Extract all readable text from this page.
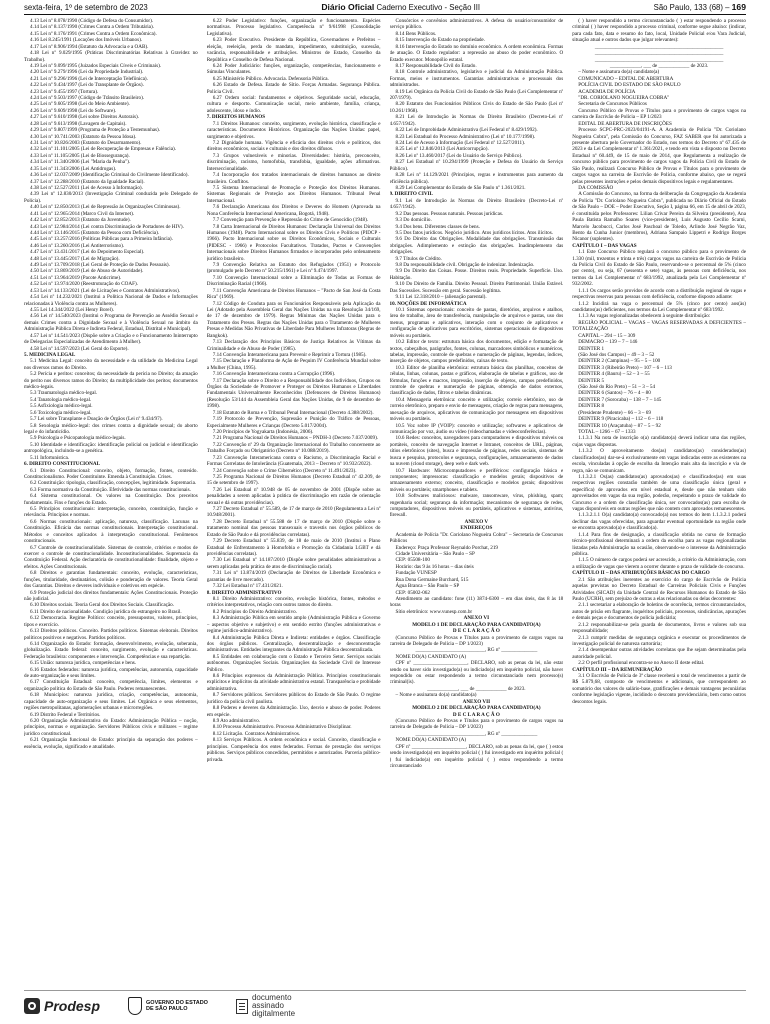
sexta-feira, 1º de setembro de 2023	Diário Oficial Caderno Executivo - Seção III	São Paulo, 133 (68) – 169

4.13 Lei nº 8.078/1990 (Código de Defesa do Consumidor).

4.14 Lei nº 8.137/1990 (Crimes Contra a Ordem Tributária).

4.15 Lei nº 8.176/1991 (Crimes Contra a Ordem Econômica).

4.16 Lei 8.245/1991 (Locações dos Imóveis Urbanos).

4.17 Lei nº 8.906/1994 (Estatuto da Advocacia e a OAB).

4.18 Lei nº 9.029/1995 (Práticas Discriminatórias Relativas à Gravidez no Trabalho).

4.19 Lei nº 9.099/1995 (Juizados Especiais Cíveis e Criminais).

4.20 Lei nº 9.279/1996 (Lei da Propriedade Industrial).

4.21 Lei nº 9.296/1996 (Lei de Interceptação Telefônica).

4.22 Lei nº 9.434/1997 (Lei do Transplante de Órgãos).

4.23 Lei nº 9.455/1997 (Tortura).

4.24 Lei nº 9.503/1997 (Código de Trânsito Brasileiro).

4.25 Lei nº 9.605/1998 (Lei do Meio Ambiente).

4.26 Lei nº 9.609/1998 (Lei do Software).

4.27 Lei nº 9.610/1998 (Lei sobre Direitos Autorais).

4.28 Lei nº 9.613/1998 (Lavagem de Capitais).

4.29 Lei nº 9.807/1999 (Programa de Proteção a Testemunhas).

4.30 Lei nº 10.741/2003 (Estatuto da Pessoa Idosa).

4.31 Lei nº 10.826/2003 (Estatuto do Desarmamento).

4.32 Lei nº 11.101/2005 (Lei de Recuperação de Empresas e Falência).

4.33 Lei nº 11.105/2005 (Lei de Biossegurança).

4.34 Lei nº 11.340/2006 (Lei "Maria da Penha").

4.35 Lei nº 11.343/2006 (Lei Antidrogas).

4.36 Lei nº 12.037/2009 (Identificação Criminal do Civilmente Identificado).

4.37 Lei nº 12.288/2010 (Estatuto da Igualdade Racial).

4.38 Lei nº 12.527/2011 (Lei de Acesso à Informação).

4.39 Lei nº 12.830/2013 (Investigação Criminal conduzida pelo Delegado de Polícia).

4.40 Lei nº 12.850/2013 (Lei de Repressão às Organizações Criminosas).

4.41 Lei nº 12.965/2014 (Marco Civil da Internet).

4.42 Lei nº 12.852/2013 (Estatuto da Juventude).

4.43 Lei nº 12.984/2014 (Lei contra Discriminação de Portadores de HIV).

4.44 Lei nº 13.146/2015 (Estatuto da Pessoa com Deficiência).

4.45 Lei nº 13.257/2016 (Políticas Públicas para a Primeira Infância).

4.46 Lei nº 13.260/2016 (Lei Antiterrorismo).

4.47 Lei nº 13.431/2017 (Lei do Depoimento Especial).

4.48 Lei nº 13.445/2017 (Lei de Migração).

4.49 Lei nº 13.709/2018 (Lei Geral de Proteção de Dados Pessoais).

4.50 Lei nº 13.869/2019 (Lei de Abuso de Autoridade).

4.51 Lei nº 13.964/2019 (Pacote Anticrime).

4.52 Lei nº 13.974/2020 (Reestruturação do COAF).

4.53 Lei nº 14.133/2021 (Lei de Licitações e Contratos Administrativos).

4.54 Lei nº 14.232/2021 (Institui a Política Nacional de Dados e Informações relacionadas à Violência contra as Mulheres).

4.55 Lei 14.344/2022 (Lei Henry Borel).

4.56 Lei nº 14.540/2023 (Institui o Programa de Prevenção ao Assédio Sexual e demais Crimes contra a Dignidade Sexual e à Violência Sexual no âmbito da Administração Pública Direta e Indireta Federal, Estadual, Distrital e Municipal).

4.57 Lei nº 14.541/2023 (Dispõe sobre a Criação e o Funcionamento Ininterrupto de Delegacias Especializadas de Atendimento à Mulher).

4.58 Lei nº 14.597/2023 (Lei Geral do Esporte).

5. MEDICINA LEGAL

5.1 Medicina Legal: conceito da necessidade e da utilidade da Medicina Legal nos diversos ramos do Direito.

5.2 Perícia e peritos: conceitos; da necessidade da perícia no Direito; da atuação do perito nos diversos ramos do Direito; da multiplicidade dos peritos; documentos médico-legais.

5.3 Traumatologia médico-legal.

5.4 Tanatologia médico-legal.

5.5 Asfixiologia médico-legal.

5.6 Toxicologia médico-legal.

5.7 Lei sobre Transplante e Doação de Órgãos (Lei nº 9.434/97).

5.8 Sexologia médico-legal: dos crimes contra a dignidade sexual; do aborto legal e do infanticídio.

5.9 Psicologia e Psicopatologia médico-legais.

5.10 Identidade e identificação: identificação policial ou judicial e identificação antropológica, incluindo-se a genética.

5.11 Infortunística.

6. DIREITO CONSTITUCIONAL

6.1 Direito Constitucional: conceito, objeto, formação, fontes, conteúdo. Constitucionalismo. Poder Constituinte. Emenda à Constituição. Crises.

6.2 Constituição: tipologia, classificação, concepções, legitimidade. Supremacia.

6.3 Forma normativa da Constituição. Efetividade das normas constitucionais.

6.4 Sistema constitucional. Os valores na Constituição. Dos preceitos fundamentais. Fins e funções do Estado.

6.5 Princípios constitucionais: interpretação, conceito, constituição, função e relevância. Princípios e normas.

6.6 Normas constitucionais: aplicação, natureza, classificação. Lacunas na Constituição. Eficácia das normas constitucionais. Interpretação constitucional. Métodos e conceitos aplicados à interpretação constitucional. Fenômenos constitucionais.

6.7 Controle de constitucionalidade. Sistemas de controle, critérios e modos de exercer o controle de constitucionalidade. Inconstitucionalidades. Supremacia da Constituição Federal. Ação declaratória de constitucionalidade: finalidade, objeto e efeitos. Ações Constitucionais.

6.8 Direitos e garantias fundamentais: conceito, evolução, características, funções, titularidade, destinatários, colisão e ponderação de valores. Teoria Geral dos Garantias. Direitos e deveres individuais e coletivos em espécie.

6.9 Proteção judicial dos direitos fundamentais: Ações Constitucionais. Proteção não judicial.

6.10 Direitos sociais. Teoria Geral dos Direitos Sociais. Classificação.

6.11 Direito de nacionalidade. Condição jurídica do estrangeiro no Brasil.

6.12 Democracia. Regime Político: conceito, pressupostos, valores, princípios, tipos e exercício.

6.13 Direitos políticos. Conceito. Partidos políticos. Sistemas eleitorais. Direitos políticos positivos e negativos. Partidos políticos.

6.14 Organização do Estado: formação, desenvolvimento, evolução, soberania, globalização. Estado federal: conceito, surgimento, evolução e características. Federação brasileira: componentes e intervenção. Competências e sua repartição.

6.15 União: natureza jurídica, competências e bens.

6.16 Estados federados: natureza jurídica, competências, autonomia, capacidade de auto-organização e seus limites.

6.17 Constituição Estadual: conceito, competência, limites, elementos e organização política do Estado de São Paulo. Poderes remanescentes.

6.18 Municípios: natureza jurídica, criação, competências, autonomia, capacidade de auto-organização e seus limites. Lei Orgânica e seus elementos, regiões metropolitanas, aglomerações urbanas e microrregiões.

6.19 Distrito Federal e Territórios.

6.20 Organização Administrativa do Estado: Administração Pública – noção, princípios, normas e organização. Servidores Públicos civis e militares – regime jurídico constitucional.

6.21 Organização funcional do Estado: princípio da separação dos poderes – essência, evolução, significado e atualidade.

6.22 Poder Legislativo: funções, organização e funcionamento. Espécies normativas. Processo legislativo. Competência nº 9/61998 (Consolidação Legislativa).

6.23 Poder Executivo. Presidente da República, Governadores e Prefeitos – eleição, reeleição, perda do mandato, impedimento, substituição, sucessão, vacância, responsabilidade e atribuições. Ministros de Estado, Conselho da República e Conselho de Defesa Nacional.

6.24 Poder Judiciário: funções, organização, competências, funcionamento e Súmulas Vinculantes.

6.25 Ministério Público. Advocacia. Defensoria Pública.

6.26 Estado de Defesa. Estado de Sítio. Forças Armadas. Segurança Pública. Polícia Civil.

6.27 Ordem social: fundamentos e objetivos. Seguridade social, educação, cultura e desporto. Comunicação social, meio ambiente, família, criança, adolescente, idoso e índio.

7. DIREITOS HUMANOS

7.1 Direitos Humanos: conceito, surgimento, evolução histórica, classificação e características. Documentos Históricos. Organização das Nações Unidas: papel, surgimento e objetivos.

7.2 Dignidade humana. Vigência e eficácia dos direitos civis e políticos, dos direitos econômicos, sociais e culturais e dos direitos difusos.

7.3 Grupos vulneráveis e minorias. Diversidades: história, preconceito, discriminação, racismo, homofobia, transfobia, igualdade, ações afirmativas. Interseccionalidade.

7.4 Incorporação dos tratados internacionais de direitos humanos ao direito brasileiro. Conflitos.

7.5 Sistema Internacional de Promoção e Proteção dos Direitos Humanos. Sistemas Regionais de Proteção aos Direitos Humanos. Tribunal Penal Internacional.

7.6 Declaração Americana dos Direitos e Deveres do Homem (Aprovada na Nona Conferência Internacional Americana, Bogotá, 1948).

7.7 Convenção para Prevenção e Repressão do Crime de Genocídio (1948).

7.8 Carta Internacional de Direitos Humanos: Declaração Universal dos Direitos Humanos (1948). Pacto Internacional sobre os Direitos Civis e Políticos (PIDCP - 1966). Pacto Internacional sobre os Direitos Econômicos, Sociais e Culturais (PIDESC - 1966) e Protocolos Facultativos. Tratados, Pactos e Convenções Internacionais sobre Direitos Humanos firmados e incorporados pelo ordenamento jurídico brasileiro.

7.9 Convenção Relativa ao Estatuto dos Refugiados (1951) e Protocolo (promulgado pelo Decreto nº 50.215/1961) e Lei nº 9.474/1997.

7.10 Convenção Internacional sobre a Eliminação de Todas as Formas de Discriminação Racial (1966).

7.11 Convenção Americana de Direitos Humanos – "Pacto de San José da Costa Rica" (1969).

7.12 Código de Conduta para os Funcionários Responsáveis pela Aplicação da Lei (Adotado pela Assembleia Geral das Nações Unidas na sua Resolução 34/169, de 17 de dezembro de 1979). Regras Mínimas das Nações Unidas para o Tratamento dos Presos. Regras das Nações Unidas para o Tratamento de Mulheres Presas e Medidas Não Privativas de Liberdade Para Mulheres Infratoras (Regras de Bangkok).

7.13 Declaração dos Princípios Básicos de Justiça Relativos às Vítimas da Criminalidade e de Abuso de Poder (1985).

7.14 Convenção Interamericana para Prevenir e Reprimir a Tortura (1985).

7.15 Declaração e Plataforma de Ação de Pequim IV Conferência Mundial sobre a Mulher (China, 1995).

7.16 Convenção Interamericana contra a Corrupção (1996).

7.17 Declaração sobre o Direito e a Responsabilidade dos Indivíduos, Grupos ou Órgãos da Sociedade de Promover e Proteger os Direitos Humanos e Liberdades Fundamentais Universalmente Reconhecidos (Defensores de Direitos Humanos) (Resolução 53/144 da Assembleia Geral das Nações Unidas, de 9 de dezembro de 1998).

7.18 Estatuto de Roma e o Tribunal Penal Internacional (Decreto 4.388/2002).

7.19 Protocolo de Prevenção, Supressão e Punição do Tráfico de Pessoas, Especialmente Mulheres e Crianças (Decreto 5.017/2004).

7.20 Princípios de Yogyakarta (Indonésia, 2006).

7.21 Programa Nacional de Direitos Humanos – PNDH-3 (Decreto 7.037/2009).

7.22 Convenção nº 29 da Organização Internacional do Trabalho concernente ao Trabalho Forçado ou Obrigatório (Decreto nº 10.088/2019).

7.23 Convenção Interamericana contra o Racismo, a Discriminação Racial e Formas Correlatas de Intolerância (Guatemala, 2013 – Decreto nº 10.932/2022).

7.24 Convenção sobre o Crime Cibernético (Decreto nº 11.491/2023).

7.25 Programa Nacional de Direitos Humanos (Decreto Estadual nº 42.209, de 15 de setembro de 1997).

7.26 Lei Estadual nº 10.948 de 05 de novembro de 2001 (Dispõe sobre as penalidades a serem aplicadas à prática de discriminação em razão de orientação sexual e dá outras providências).

7.27 Decreto Estadual nº 55.589, de 17 de março de 2010 (Regulamenta a Lei nº 10.948/2001).

7.28 Decreto Estadual nº 55.588 de 17 de março de 2010 (Dispõe sobre o tratamento nominal das pessoas transexuais e travestis nos órgãos públicos do Estado de São Paulo e dá providências correlatas).

7.29 Decreto Estadual nº 55.839, de 18 de maio de 2010 (Institui o Plano Estadual de Enfrentamento à Homofobia e Promoção da Cidadania LGBT e dá providências correlatas).

7.30 Lei Estadual nº 14.187/2010 (Dispõe sobre penalidades administrativas a serem aplicadas pela prática de atos de discriminação racial).

7.31 Lei nº 13.874/2019 (Declaração de Direitos de Liberdade Econômica e garantias de livre mercado).

7.32 Lei Estadual nº 17.431/2021.

8. DIREITO ADMINISTRATIVO

8.1 Direito Administrativo: conceito, evolução histórica, fontes, métodos e critérios interpretativos, relação com outros ramos do direito.

8.2 Princípios do Direito Administrativo.

8.3 Administração Pública em sentido amplo (Administração Pública e Governo – aspectos objetivo e subjetivo) e em sentido estrito (funções administrativas e regime jurídico-administrativo).

8.4 Administração Pública Direta e Indireta: entidades e órgãos. Classificação dos órgãos públicos. Centralização, descentralização e desconcentração administrativas. Entidades integrantes da Administração Pública descentralizada.

8.5 Entidades em colaboração com o Estado e Terceiro Setor. Serviços sociais autônomos. Organizações Sociais. Organizações da Sociedade Civil de Interesse Público.

8.6 Princípios expressos da Administração Pública. Princípios constitucionais explícitos e implícitos da atividade administrativa estatal. Transparência e probidade administrativa.

8.7 Servidores públicos. Servidores públicos do Estado de São Paulo. O regime jurídico da polícia civil paulista.

8.8 Poderes e deveres da Administração. Uso, desvio e abuso de poder. Poderes em espécie.

8.9 Ato administrativo.

8.10 Processo Administrativo. Processo Administrativo Disciplinar.

8.12 Licitação. Contratos Administrativos.

8.13 Serviços Públicos. A ordem econômica e social. Conceito, classificação e princípios. Competência dos entes federados. Formas de prestação dos serviços públicos. Serviços públicos concedidos, permitidos e autorizados. Parceria público-privada.

Consórcios e convênios administrativos. A defesa do usuário/consumidor de serviço público.

8.14 Bens Públicos.

8.15 Intervenção do Estado na propriedade.

8.16 Intervenção do Estado no domínio econômico. A ordem econômica. Formas de atuação. O Estado regulador: a repressão ao abuso do poder econômico. O Estado executor. Monopólio estatal.

8.17 Responsabilidade Civil do Estado.

8.18 Controle administrativo, legislativo e judicial da Administração Pública. Formas, meios e instrumentos. Garantias administrativas e processuais dos administrados.

8.19 Lei Orgânica da Polícia Civil do Estado de São Paulo (Lei Complementar nº 207/1979).

8.20 Estatuto dos Funcionários Públicos Civis do Estado de São Paulo (Lei nº 10.261/1968).

8.21 Lei de Introdução às Normas do Direito Brasileiro (Decreto-Lei nº 4.657/1942).

8.22 Lei de Improbidade Administrativa (Lei Federal nº 8.429/1992).

8.23 Lei Estadual do Processo Administrativo (Lei nº 10.177/1998).

8.24 Lei de Acesso à Informação (Lei Federal nº 12.527/2011).

8.25 Lei nº 12.846/2013 (Lei Anticorrupção).

8.26 Lei nº 13.460/2017 (Lei do Usuário do Serviço Público).

8.27 Lei Estadual nº 10.294/1999 (Proteção e Defesa do Usuário do Serviço Público).

8.28 Lei nº 14.129/2021 (Princípios, regras e instrumentos para aumento da eficiência pública).

8.29 Lei Complementar do Estado de São Paulo nº 1.361/2021.

9. DIREITO CIVIL

9.1 Lei de Introdução às Normas do Direito Brasileiro (Decreto-Lei nº 4.657/1942).

9.2 Das pessoas. Pessoas naturais. Pessoas jurídicas.

9.3 Do domicílio.

9.4 Dos bens. Diferentes classes de bens.

9.5 Dos fatos jurídicos. Negócio jurídico. Atos jurídicos lícitos. Atos ilícitos.

9.6 Do Direito das Obrigações. Modalidade das obrigações. Transmissão das obrigações. Adimplemento e extinção das obrigações. Inadimplemento das obrigações.

9.7 Títulos de Crédito.

9.8 Da responsabilidade civil. Obrigação de indenizar. Indenização.

9.9 Do Direito das Coisas. Posse. Direitos reais. Propriedade. Superfície. Uso. Habitação.

9.10 Do Direito de Família. Direito Pessoal. Direito Patrimonial. União Estável. Das Sucessões. Sucessão em geral. Sucessão legítima.

9.11 Lei 12.318/2010 – (alienação parental).

10. NOÇÕES DE INFORMÁTICA

10.1 Sistemas operacionais: conceito de pastas, diretórios, arquivos e atalhos, área de trabalho, área de transferência, manipulação de arquivos e pastas, uso dos menus, programas e aplicativos, interação com o conjunto de aplicativos e configuração de aplicativos para escritórios, sistemas operacionais de dispositivos móveis ou portáteis.

10.2 Editor de texto: estrutura básica dos documentos, edição e formatação de textos, cabeçalhos, parágrafos, fontes, colunas, marcadores simbólicos e numéricos, tabelas, impressão, controle de quebras e numeração de páginas, legendas, índices, inserção de objetos, campos predefinidos, caixas de texto.

10.3 Editor de planilha eletrônica: estrutura básica das planilhas, conceitos de células, linhas, colunas, pastas e gráficos, elaboração de tabelas e gráficos, uso de fórmulas, funções e macros, impressão, inserção de objetos, campos predefinidos, controle de quebras e numeração de páginas, obtenção de dados externos, classificação de dados, filtros e tabelas dinâmicas.

10.4 Mensageria eletrônica: conceito e utilização; correio eletrônico, uso de correio eletrônico, preparo e envio de mensagens, criação de regras para mensagens, anexação de arquivos, aplicativos de comunicação por mensagens em dispositivos móveis ou portáteis.

10.5 Voz sobre IP (VOIP): conceito e utilização; softwares e aplicativos de comunicação por voz, áudio ou vídeo (videochamadas e videoconferências).

10.6 Redes: conceitos, navegadores para computadores e dispositivos móveis ou portáteis, conceito de navegação Internet e Intranet, conceitos de URL, páginas, sítios eletrônicos (sites), busca e impressão de páginas, redes sociais, sistemas de busca e pesquisa, protocolos e segurança, configurações, armazenamento de dados na nuvem (cloud storage), deep web e dark web.

10.7 Hardware: Microcomputadores e periféricos: configuração básica e componentes; impressoras: classificação e modelos gerais; dispositivos de armazenamento externo; conceito, classificação e modelos gerais; dispositivos móveis ou portáteis; smartphones e tablets.

10.8 Softwares maliciosos: malware, ransomware, vírus, phishing, spam; engenharia social; segurança da informação; mecanismos de segurança de redes, computadores, dispositivos móveis ou portáteis, aplicativos e sistemas, antivírus, firewall.

ANEXO V

ENDEREÇOS

Academia de Polícia "Dr. Coriolano Nogueira Cobra" – Secretaria de Concursos Públicos

Endereço: Praça Professor Reynaldo Porchat, 219

Cidade Universitária – São Paulo – SP

CEP: 05508-100

Horário: das 9 às 16 horas – dias úteis

Fundação VUNESP

Rua Dona Germaine Burchard, 515

Água Branca – São Paulo – SP

CEP: 05002-062

Atendimento ao candidato: fone (11) 3874-6300 – em dias úteis, das 8 às 18 horas

Sítio eletrônico: www.vunesp.com.br

ANEXO VI

MODELO 1 DE DECLARAÇÃO PARA CANDIDATO(A)

D E C L A R A Ç Ã O

(Concurso Público de Provas e Títulos para o provimento de cargos vagos na carreira de Delegado de Polícia – DP 1/2023)

___________________________, RG nº ______________

NOME DO(A) CANDIDATO (A)

CPF nº _____________________, DECLARO, sob as penas da lei, não estar sendo ou haver sido investigado(a) ou indiciado(a) em inquérito policial, não haver respondido ou estar respondendo a termo circunstanciado nem processo(s) criminal(is).

____________, ___ de ____________ de 2023.

– Nome e assinatura do(a) candidato(a)

ANEXO VII

MODELO 2 DE DECLARAÇÃO PARA CANDIDATO(A)

D E C L A R A Ç Ã O

(Concurso Público de Provas e Títulos para o provimento de cargos vagos na carreira de Delegado de Polícia – DP 1/2023)

___________________________, RG nº ______________

NOME DO(A) CANDIDATO (A)

CPF nº _____________________, DECLARO, sob as penas da lei, que ( ) estou sendo investigado(a) em inquérito policial ( ) fui investigado em inquérito policial ( ) fui indiciado(a) em inquérito policial ( ) estou respondendo a termo circunstanciado

( ) haver respondido a termo circunstanciado ( ) estar respondendo a processo criminal ( ) haver respondido a processo criminal, conforme segue abaixo: (indicar, para cada fato, data e resumo do fato, local, Unidade Policial e/ou Vara Judicial, situação atual e outros dados que julgar relevantes):

__________________________________________________

__________________________________________________

__________________________________________________

____________, ___ de ____________ de 2023.

– Nome e assinatura do(a) candidato(a)

COMUNICADO – EDITAL DE ABERTURA

POLÍCIA CIVIL DO ESTADO DE SÃO PAULO

ACADEMIA DE POLÍCIA

"DR. CORIOLANO NOGUEIRA COBRA"

Secretaria de Concursos Públicos

Concurso Público de Provas e Títulos para o provimento de cargos vagos na carreira de Escrivão de Polícia – EP 1/2023

EDITAL DE ABERTURA DE INSCRIÇÕES

Processo SCPC-PRC-2023/04191-A. A Academia de Polícia "Dr. Coriolano Nogueira Cobra", pela Comissão do Concurso, FAZ SABER que foi autorizada a presente abertura pelo Governador do Estado, nos termos do Decreto nº 67.435 de 2023 e da Lei Complementar nº 1.361/2021, e tendo em vista o disposto no Decreto Estadual nº 60.449, de 15 de maio de 2014, que Regulamenta a realização de concurso público para provimento de cargos vagos da Polícia Civil do Estado de São Paulo, realizará Concurso Público de Provas e Títulos para o provimento de cargos vagos na carreira de Escrivão de Polícia, conforme abaixo, que se regerá pelas presentes instruções e pelos demais dispositivos legais e regulamentares.

DA COMISSÃO

A Comissão do Concurso, na forma da deliberação da Congregação da Academia de Polícia "Dr. Coriolano Nogueira Cobra", publicada no Diário Oficial do Estado de São Paulo – DOE – Poder Executivo, Seção I, página 66, em 15 de abril de 2023, é constituída pelos Professores: Lilian Crivar Pereira da Silveira (presidente), Ana Paula Batista Ramalho Soares (vice-presidente), Luis Augusto Cecílio Scarni, Marcelo Jacobucci, Carlos José Paschoal de Toledo, Arlindo José Negrão Vaz, Bento da Cunha Junior (membros), Adriana Sampaio Lippetri e Rodrigo Borges Nicanor (suplentes).

CAPÍTULO I – DAS VAGAS

1.1 Este Concurso Público regulará o concurso público para o provimento de 1.330 (mil, trezentos e trinta e três) cargos vagos na carreira de Escrivão de Polícia da Polícia Civil do Estado de São Paulo, reservando-se o percentual de 5% (cinco por cento), ou seja, 67 (sessenta e sete) vagas, às pessoas com deficiência, nos termos da Lei Complementar nº 683/1992, atualizada pela Lei Complementar nº 932/2002.

1.1.1 Os cargos serão providos de acordo com a distribuição regional de vagas e respectivas reservas para pessoas com deficiência, conforme disposto adiante:

1.1.2 Incidirá na vaga o percentual de 5% (cinco por cento) aos(às) candidatos(as) deficientes, nos termos da Lei Complementar nº 683/1992.

1.1.3 As vagas regionalizadas obedecem à seguinte distribuição:

REGIÃO POLICIAL – VAGAS – VAGAS RESERVADAS A DEFICIENTES – TOTALIZAÇÃO

CAPITAL – 294 – 15 – 309

DEMACRO – 139 – 7 – 146

DEINTER 1

(São José dos Campos) – 49 – 3 – 52

DEINTER 2 (Campinas) – 95 – 5 – 100

DEINTER 3 (Ribeirão Preto) – 107 – 6 – 113

DEINTER 4 (Bauru) – 52 – 3 – 55

DEINTER 5

(São José do Rio Preto) – 51 – 3 – 54

DEINTER 6 (Santos) – 76 – 4 – 80

DEINTER 7 (Sorocaba) – 138 – 7 – 145

DEINTER 8

(Presidente Prudente) – 66 – 3 – 69

DEINTER 9 (Piracicaba) – 112 – 6 – 118

DEINTER 10 (Araçatuba) – 87 – 5 – 92

TOTAL – 1266 – 67 – 1333

1.1.3.1 Na nota de inscrição o(a) candidato(a) deverá indicar uma das regiões, cujas vagas dispostas.

1.1.3.2 O aproveitamento dos(as) candidatos(as) considerados(as) classificados(as) dar-se-á exclusivamente em vagas indicadas entre as existentes na escola, vinculadas à opção de escolha da Intenção mais alta da inscrição e via de regra, não se comunicam.

1.1.3.2.1 Os(as) candidatos(as) aprovados(as) e classificados(as) em suas respectivas regiões constarão também de uma classificação única (geral e específica) de aprovados em nível estadual e, desde que não tenham sido aproveitados em vagas da sua região, poderão, respeitando o prazo de validade do Concurso e a ordem de classificação única, ser convocados(as) para escolha de vagas disponíveis em outras regiões que não contem com aprovados remanescentes.

1.1.3.2.1.1 O(a) candidato(a) convocado(a) nos termos do item 1.1.3.2.1 poderá declinar das vagas oferecidas, para aguardar eventual oportunidade na região onde se encontra aprovado(a) e classificado(a).

1.1.4 Para fins de designação, a classificação obtida no curso de formação técnico-profissional determinará a ordem da escolha para as vagas regionalizadas listadas pela Administração na ocasião, observando-se o interesse da Administração pública.

1.1.5 O número de cargos poderá ser acrescido, a critério da Administração, com a utilização de vagas que vierem a ocorrer durante o prazo de validade do concurso.

CAPÍTULO II – DAS ATRIBUIÇÕES BÁSICAS DO CARGO

2.1 São atribuições inerentes ao exercício do cargo de Escrivão de Polícia aquelas previstas no Decreto Estadual de Carreiras Policiais Civis e Funções Atividades (SICAD) da Unidade Central de Recursos Humanos do Estado de São Paulo (UCRH), sem prejuízo de outras a elas relacionadas ou delas decorrentes:

2.1.1 secretariar a elaboração de boletins de ocorrência, termos circunstanciados, autos de prisão em flagrante, inquéritos policiais, processos, sindicâncias, apurações e demais peças e documentos de polícia judiciária;

2.1.2 responsabilizar-se pela guarda de documentos, livros e valores sob sua responsabilidade;

2.1.3 cumprir medidas de segurança orgânica e executar os procedimentos de investigação policial de natureza cartorária;

2.1.4 desempenhar outras atividades correlatas que lhe sejam determinadas pela autoridade policial.

2.2 O perfil profissional encontra-se no Anexo II deste edital.

CAPÍTULO III – DA REMUNERAÇÃO

3.1 O Escrivão de Polícia de 3ª classe receberá o total de vencimentos a partir de R$ 5.879,68, composto de vencimentos e adicionais, que correspondem ao somatório dos valores do salário-base, gratificações e demais vantagens pecuniárias conforme legislação vigente, incidindo o desconto previdenciário, bem como outros descontos legais.

Prodesp	GOVERNO DO ESTADO
DE SÃO PAULO
documento
assinado
digitalmente
